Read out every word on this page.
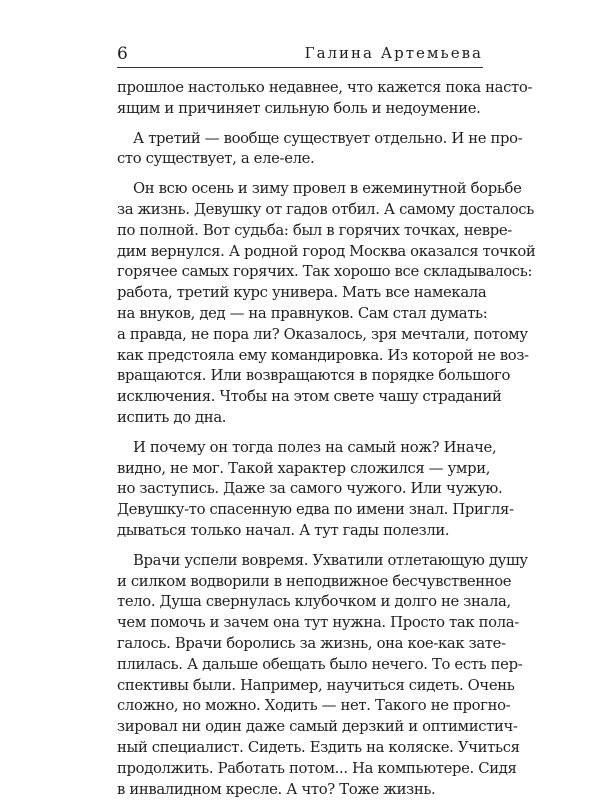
6	Галина Артемьева
прошлое настолько недавнее, что кажется пока насто-
ящим и причиняет сильную боль и недоумение.
А третий — вообще существует отдельно. И не про-
сто существует, а еле-еле.
Он всю осень и зиму провел в ежеминутной борьбе
за жизнь. Девушку от гадов отбил. А самому досталось
по полной. Вот судьба: был в горячих точках, невре-
дим вернулся. А родной город Москва оказался точкой
горячее самых горячих. Так хорошо все складывалось:
работа, третий курс универа. Мать все намекала
на внуков, дед — на правнуков. Сам стал думать:
а правда, не пора ли? Оказалось, зря мечтали, потому
как предстояла ему командировка. Из которой не воз-
вращаются. Или возвращаются в порядке большого
исключения. Чтобы на этом свете чашу страданий
испить до дна.
И почему он тогда полез на самый нож? Иначе,
видно, не мог. Такой характер сложился — умри,
но заступись. Даже за самого чужого. Или чужую.
Девушку-то спасенную едва по имени знал. Пригля-
дываться только начал. А тут гады полезли.
Врачи успели вовремя. Ухватили отлетающую душу
и силком водворили в неподвижное бесчувственное
тело. Душа свернулась клубочком и долго не знала,
чем помочь и зачем она тут нужна. Просто так пола-
галось. Врачи боролись за жизнь, она кое-как зате-
плилась. А дальше обещать было нечего. То есть пер-
спективы были. Например, научиться сидеть. Очень
сложно, но можно. Ходить — нет. Такого не прогно-
зировал ни один даже самый дерзкий и оптимистич-
ный специалист. Сидеть. Ездить на коляске. Учиться
продолжить. Работать потом... На компьютере. Сидя
в инвалидном кресле. А что? Тоже жизнь.
